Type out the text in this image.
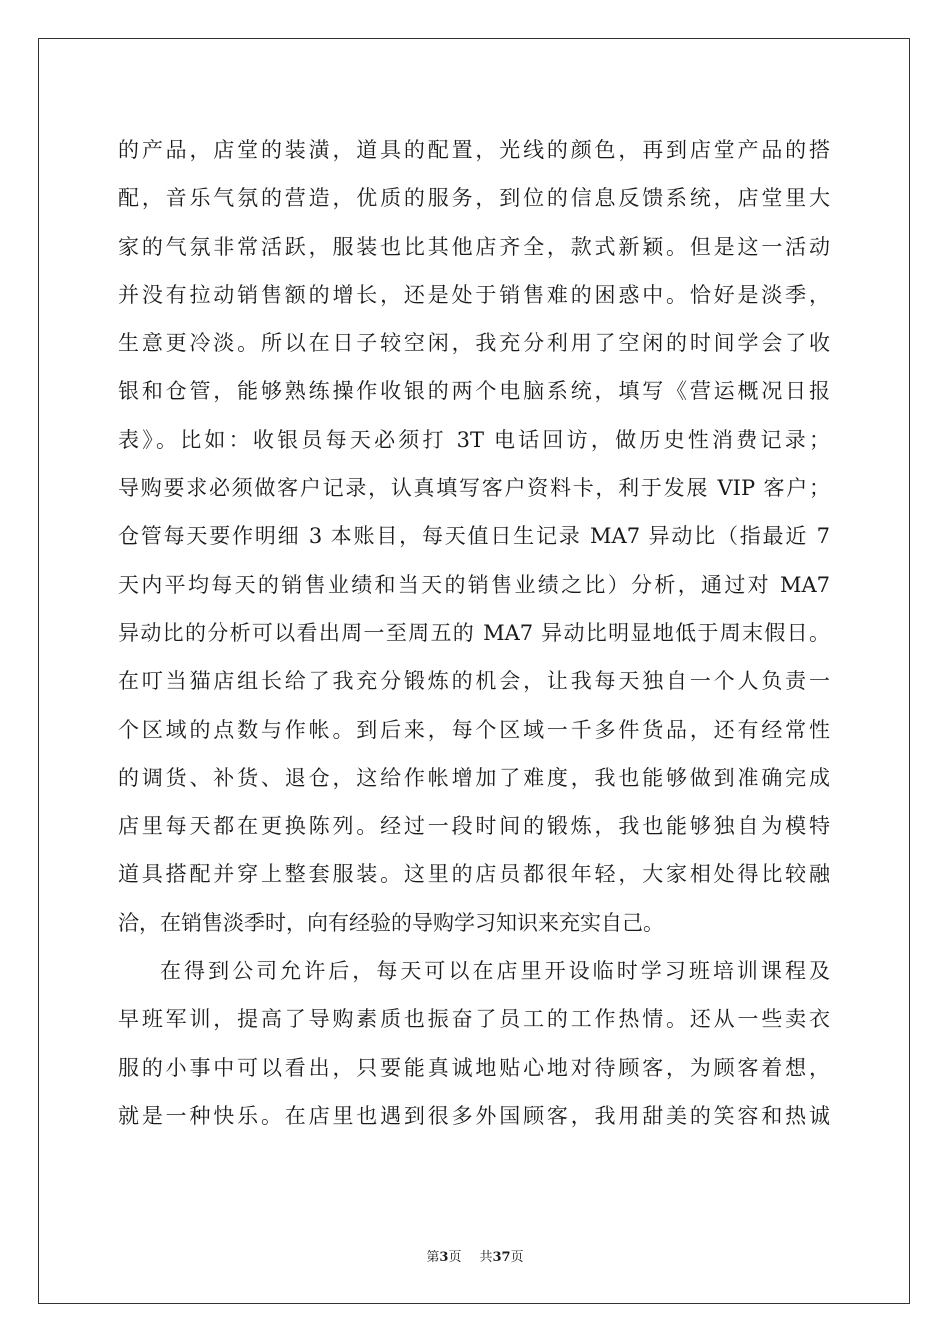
的产品，店堂的装潢，道具的配置，光线的颜色，再到店堂产品的搭
配，音乐气氛的营造，优质的服务，到位的信息反馈系统，店堂里大
家的气氛非常活跃，服装也比其他店齐全，款式新颖。但是这一活动
并没有拉动销售额的增长，还是处于销售难的困惑中。恰好是淡季，
生意更冷淡。所以在日子较空闲，我充分利用了空闲的时间学会了收
银和仓管，能够熟练操作收银的两个电脑系统，填写《营运概况日报
表》。比如：收银员每天必须打 3T 电话回访，做历史性消费记录；
导购要求必须做客户记录，认真填写客户资料卡，利于发展 VIP 客户；
仓管每天要作明细 3 本账目，每天值日生记录 MA7 异动比（指最近 7
天内平均每天的销售业绩和当天的销售业绩之比）分析，通过对 MA7
异动比的分析可以看出周一至周五的 MA7 异动比明显地低于周末假日。
在叮当猫店组长给了我充分锻炼的机会，让我每天独自一个人负责一
个区域的点数与作帐。到后来，每个区域一千多件货品，还有经常性
的调货、补货、退仓，这给作帐增加了难度，我也能够做到准确完成
店里每天都在更换陈列。经过一段时间的锻炼，我也能够独自为模特
道具搭配并穿上整套服装。这里的店员都很年轻，大家相处得比较融
洽，在销售淡季时，向有经验的导购学习知识来充实自己。
在得到公司允许后，每天可以在店里开设临时学习班培训课程及
早班军训，提高了导购素质也振奋了员工的工作热情。还从一些卖衣
服的小事中可以看出，只要能真诚地贴心地对待顾客，为顾客着想，
就是一种快乐。在店里也遇到很多外国顾客，我用甜美的笑容和热诚
第3页 共37页
